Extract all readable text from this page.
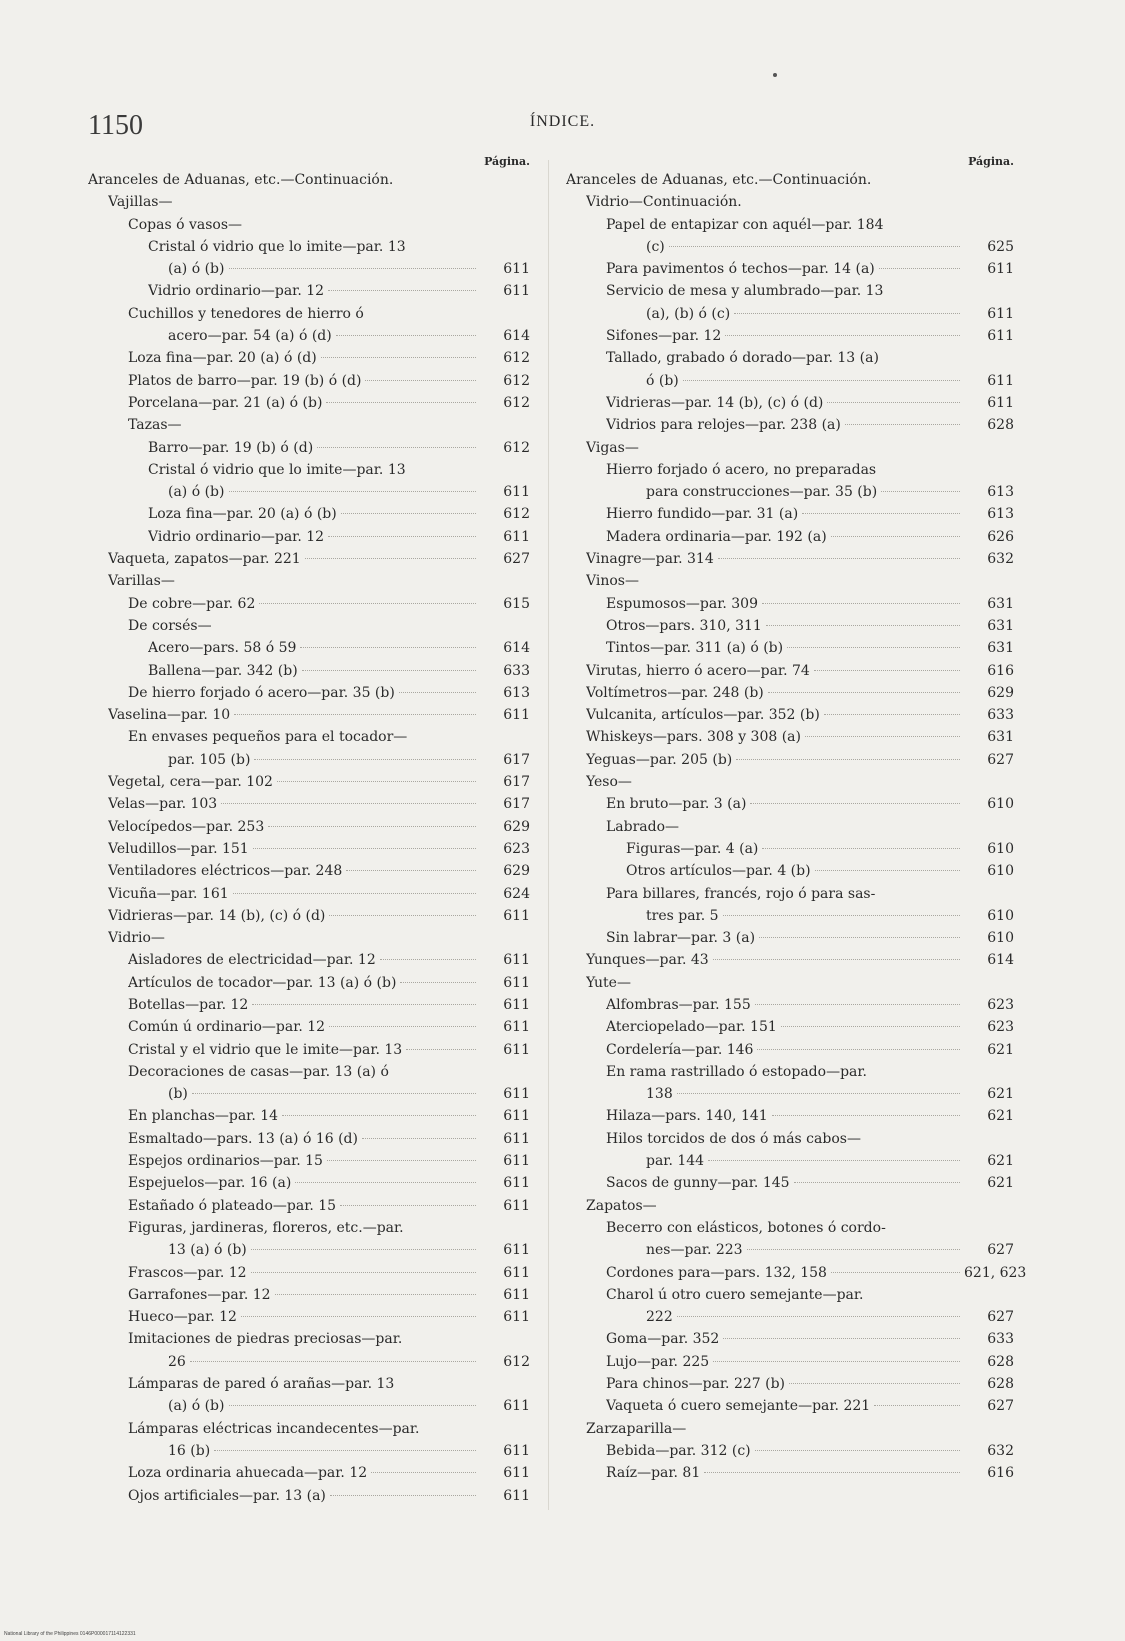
1150	ÍNDICE.
Página.
Aranceles de Aduanas, etc.—Continuación.
Vajillas—
Copas ó vasos—
Cristal ó vidrio que lo imite—par. 13
(a) ó (b)	611
Vidrio ordinario—par. 12	611
Cuchillos y tenedores de hierro ó
acero—par. 54 (a) ó (d)	614
Loza fina—par. 20 (a) ó (d)	612
Platos de barro—par. 19 (b) ó (d)	612
Porcelana—par. 21 (a) ó (b)	612
Tazas—
Barro—par. 19 (b) ó (d)	612
Cristal ó vidrio que lo imite—par. 13
(a) ó (b)	611
Loza fina—par. 20 (a) ó (b)	612
Vidrio ordinario—par. 12	611
Vaqueta, zapatos—par. 221	627
Varillas—
De cobre—par. 62	615
De corsés—
Acero—pars. 58 ó 59	614
Ballena—par. 342 (b)	633
De hierro forjado ó acero—par. 35 (b)	613
Vaselina—par. 10	611
En envases pequeños para el tocador—
par. 105 (b)	617
Vegetal, cera—par. 102	617
Velas—par. 103	617
Velocípedos—par. 253	629
Veludillos—par. 151	623
Ventiladores eléctricos—par. 248	629
Vicuña—par. 161	624
Vidrieras—par. 14 (b), (c) ó (d)	611
Vidrio—
Aisladores de electricidad—par. 12	611
Artículos de tocador—par. 13 (a) ó (b)	611
Botellas—par. 12	611
Común ú ordinario—par. 12	611
Cristal y el vidrio que le imite—par. 13	611
Decoraciones de casas—par. 13 (a) ó
(b)	611
En planchas—par. 14	611
Esmaltado—pars. 13 (a) ó 16 (d)	611
Espejos ordinarios—par. 15	611
Espejuelos—par. 16 (a)	611
Estañado ó plateado—par. 15	611
Figuras, jardineras, floreros, etc.—par.
13 (a) ó (b)	611
Frascos—par. 12	611
Garrafones—par. 12	611
Hueco—par. 12	611
Imitaciones de piedras preciosas—par.
26	612
Lámparas de pared ó arañas—par. 13
(a) ó (b)	611
Lámparas eléctricas incandecentes—par.
16 (b)	611
Loza ordinaria ahuecada—par. 12	611
Ojos artificiales—par. 13 (a)	611
Página.
Aranceles de Aduanas, etc.—Continuación.
Vidrio—Continuación.
Papel de entapizar con aquél—par. 184
(c)	625
Para pavimentos ó techos—par. 14 (a)	611
Servicio de mesa y alumbrado—par. 13
(a), (b) ó (c)	611
Sifones—par. 12	611
Tallado, grabado ó dorado—par. 13 (a)
ó (b)	611
Vidrieras—par. 14 (b), (c) ó (d)	611
Vidrios para relojes—par. 238 (a)	628
Vigas—
Hierro forjado ó acero, no preparadas
para construcciones—par. 35 (b)	613
Hierro fundido—par. 31 (a)	613
Madera ordinaria—par. 192 (a)	626
Vinagre—par. 314	632
Vinos—
Espumosos—par. 309	631
Otros—pars. 310, 311	631
Tintos—par. 311 (a) ó (b)	631
Virutas, hierro ó acero—par. 74	616
Voltímetros—par. 248 (b)	629
Vulcanita, artículos—par. 352 (b)	633
Whiskeys—pars. 308 y 308 (a)	631
Yeguas—par. 205 (b)	627
Yeso—
En bruto—par. 3 (a)	610
Labrado—
Figuras—par. 4 (a)	610
Otros artículos—par. 4 (b)	610
Para billares, francés, rojo ó para sas-
tres par. 5	610
Sin labrar—par. 3 (a)	610
Yunques—par. 43	614
Yute—
Alfombras—par. 155	623
Aterciopelado—par. 151	623
Cordelería—par. 146	621
En rama rastrillado ó estopado—par.
138	621
Hilaza—pars. 140, 141	621
Hilos torcidos de dos ó más cabos—
par. 144	621
Sacos de gunny—par. 145	621
Zapatos—
Becerro con elásticos, botones ó cordo-
nes—par. 223	627
Cordones para—pars. 132, 158	621, 623
Charol ú otro cuero semejante—par.
222	627
Goma—par. 352	633
Lujo—par. 225	628
Para chinos—par. 227 (b)	628
Vaqueta ó cuero semejante—par. 221	627
Zarzaparilla—
Bebida—par. 312 (c)	632
Raíz—par. 81	616
National Library of the Philippines 0146P000017114122331
